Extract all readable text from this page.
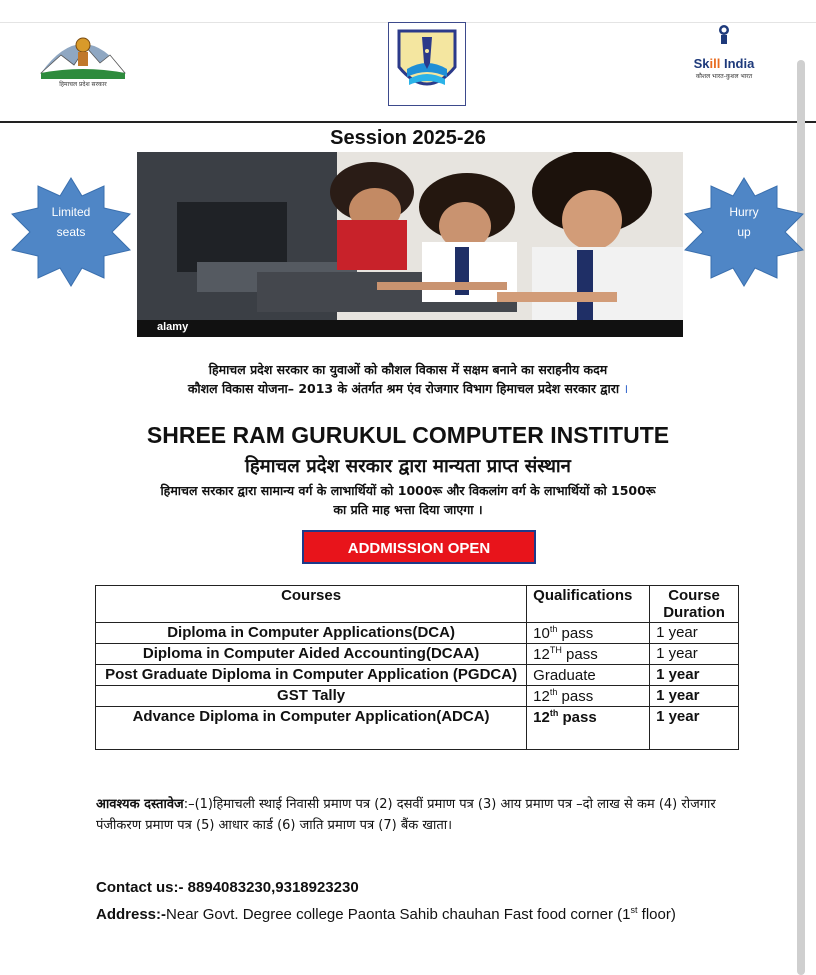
हिमाचल प्रदेश सरकार
Skill India
कौशल भारत-कुशल भारत
Session 2025-26
alamy
Limited
seats
Hurry
up
हिमाचल प्रदेश सरकार का युवाओं को कौशल विकास में सक्षम बनाने का सराहनीय कदम
कौशल विकास योजना– 2013 के अंतर्गत श्रम एंव रोजगार विभाग हिमाचल प्रदेश सरकार द्वारा ।
SHREE RAM GURUKUL COMPUTER INSTITUTE
हिमाचल प्रदेश सरकार द्वारा मान्यता प्राप्त संस्थान
हिमाचल सरकार द्वारा सामान्य वर्ग के लाभार्थियों को 1000रू और विकलांग वर्ग के लाभार्थियों को 1500रू
का प्रति माह भत्ता दिया जाएगा ।
ADDMISSION OPEN
Courses	Qualifications	Course
Duration

Diploma in Computer Applications(DCA)	10th pass	1 year
Diploma in Computer Aided Accounting(DCAA)	12TH pass	1 year
Post Graduate Diploma in Computer Application (PGDCA)	Graduate	1 year
GST Tally	12th pass	1 year
Advance Diploma in Computer Application(ADCA)	12th pass	1 year
आवश्यक दस्तावेज:–(1)हिमाचली स्थाई निवासी प्रमाण पत्र (2) दसवीं प्रमाण पत्र (3) आय प्रमाण पत्र –दो लाख से कम (4) रोजगार पंजीकरण प्रमाण पत्र (5) आधार कार्ड (6) जाति प्रमाण पत्र (7) बैंक खाता।
Contact us:- 8894083230,9318923230
Address:-Near Govt. Degree college Paonta Sahib chauhan Fast food corner (1st floor)
